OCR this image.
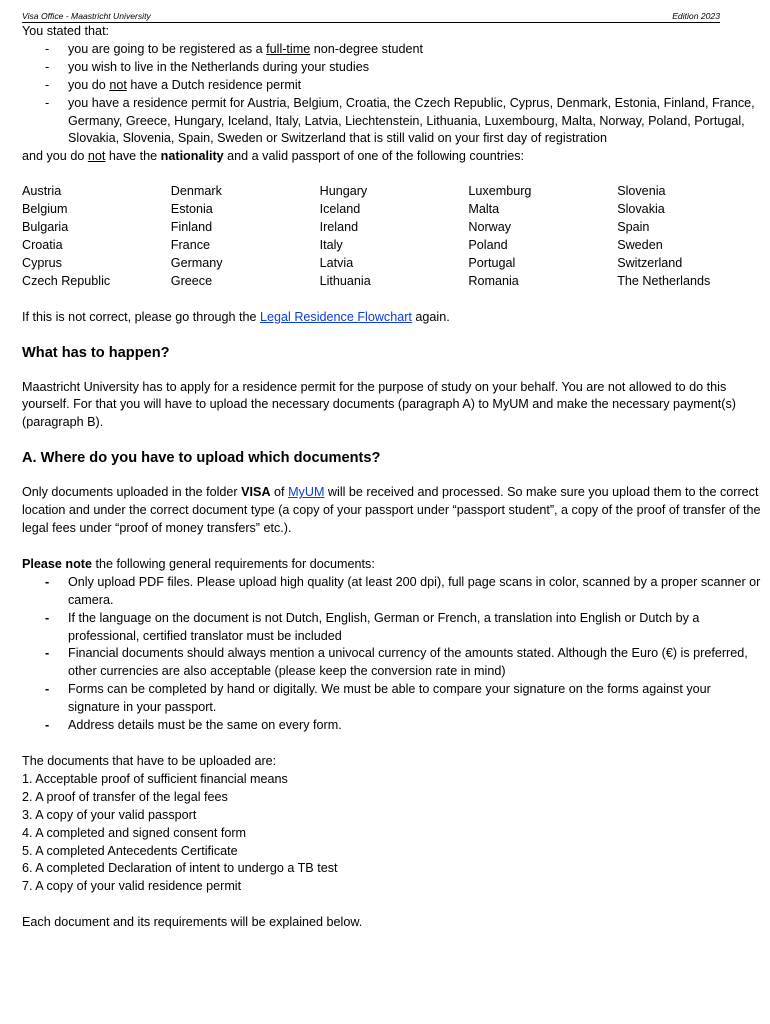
Visa Office - Maastricht University	Edition 2023

You stated that:

- you are going to be registered as a full-time non-degree student
- you wish to live in the Netherlands during your studies
- you do not have a Dutch residence permit
- you have a residence permit for Austria, Belgium, Croatia, the Czech Republic, Cyprus, Denmark, Estonia, Finland, France, Germany, Greece, Hungary, Iceland, Italy, Latvia, Liechtenstein, Lithuania, Luxembourg, Malta, Norway, Poland, Portugal, Slovakia, Slovenia, Spain, Sweden or Switzerland that is still valid on your first day of registration

and you do not have the nationality and a valid passport of one of the following countries:

Austria
Belgium
Bulgaria
Croatia
Cyprus
Czech Republic
Denmark
Estonia
Finland
France
Germany
Greece
Hungary
Iceland
Ireland
Italy
Latvia
Lithuania
Luxemburg
Malta
Norway
Poland
Portugal
Romania
Slovenia
Slovakia
Spain
Sweden
Switzerland
The Netherlands

If this is not correct, please go through the Legal Residence Flowchart again.

What has to happen?

Maastricht University has to apply for a residence permit for the purpose of study on your behalf. You are not allowed to do this yourself. For that you will have to upload the necessary documents (paragraph A) to MyUM and make the necessary payment(s) (paragraph B).

A. Where do you have to upload which documents?

Only documents uploaded in the folder VISA of MyUM will be received and processed. So make sure you upload them to the correct location and under the correct document type (a copy of your passport under “passport student”, a copy of the proof of transfer of the legal fees under “proof of money transfers” etc.).

Please note the following general requirements for documents:

- Only upload PDF files. Please upload high quality (at least 200 dpi), full page scans in color, scanned by a proper scanner or camera.
- If the language on the document is not Dutch, English, German or French, a translation into English or Dutch by a professional, certified translator must be included
- Financial documents should always mention a univocal currency of the amounts stated. Although the Euro (€) is preferred, other currencies are also acceptable (please keep the conversion rate in mind)
- Forms can be completed by hand or digitally. We must be able to compare your signature on the forms against your signature in your passport.
- Address details must be the same on every form.

The documents that have to be uploaded are:

1. Acceptable proof of sufficient financial means
2. A proof of transfer of the legal fees
3. A copy of your valid passport
4. A completed and signed consent form
5. A completed Antecedents Certificate
6. A completed Declaration of intent to undergo a TB test
7. A copy of your valid residence permit

Each document and its requirements will be explained below.
